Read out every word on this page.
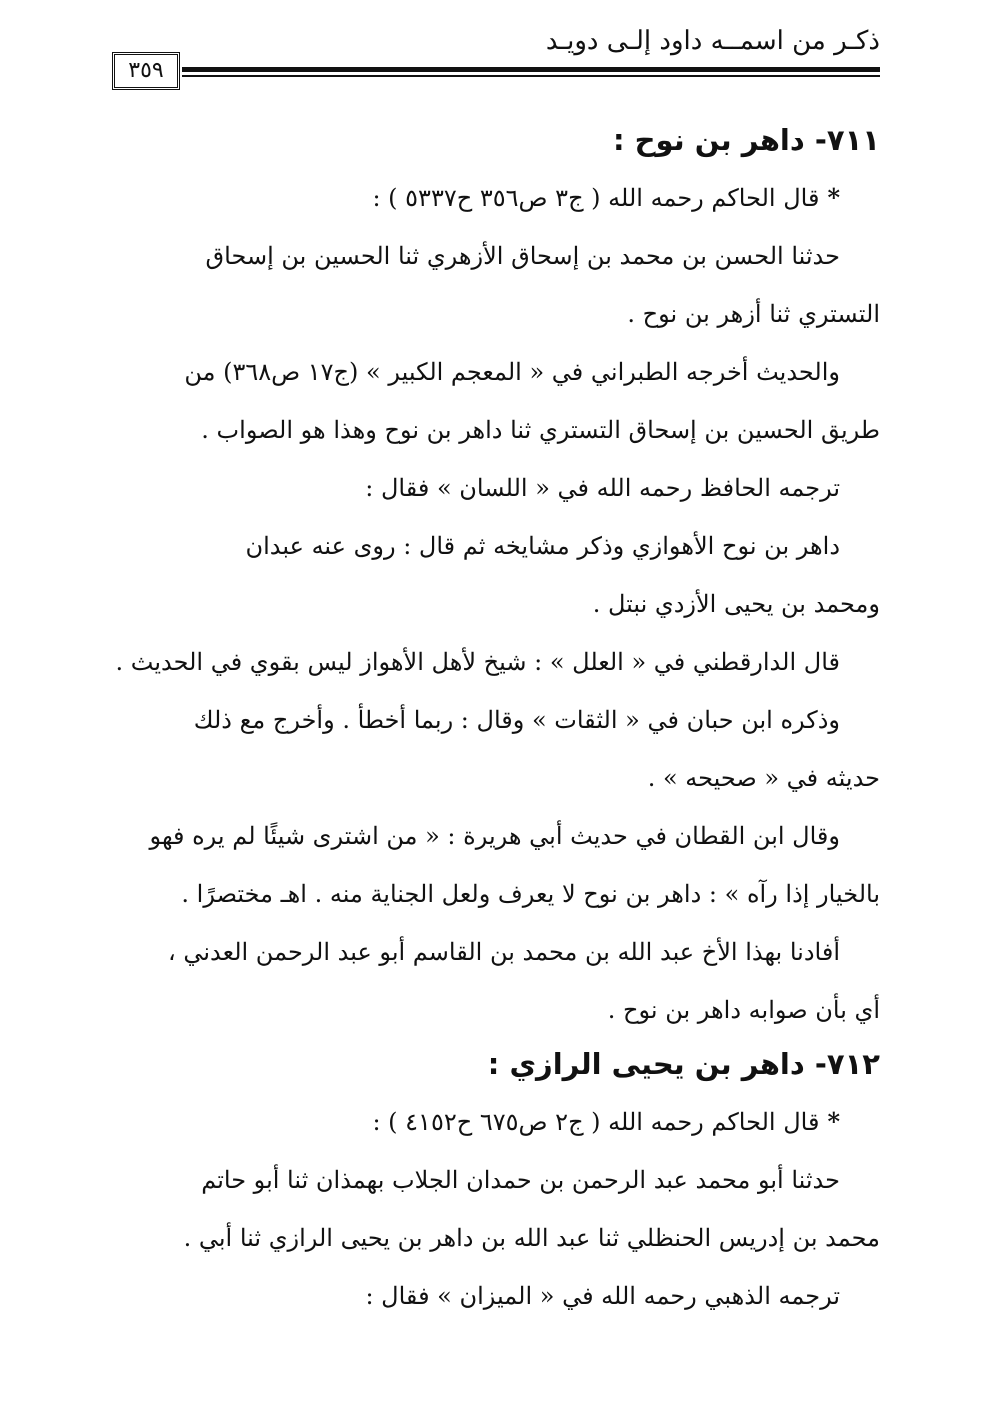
ذكـر من اسمــه داود إلـى دويـد
٣٥٩
٧١١- داهر بن نوح :
*قال الحاكم رحمه الله ( ج٣ ص٣٥٦ ح٥٣٣٧ ) :
حدثنا الحسن بن محمد بن إسحاق الأزهري ثنا الحسين بن إسحاق
التستري ثنا أزهر بن نوح .
والحديث أخرجه الطبراني في « المعجم الكبير » (ج١٧ ص٣٦٨) من
طريق الحسين بن إسحاق التستري ثنا داهر بن نوح وهذا هو الصواب .
ترجمه الحافظ رحمه الله في « اللسان » فقال :
داهر بن نوح الأهوازي وذكر مشايخه ثم قال : روى عنه عبدان
ومحمد بن يحيى الأزدي نبتل .
قال الدارقطني في « العلل » : شيخ لأهل الأهواز ليس بقوي في الحديث .
وذكره ابن حبان في « الثقات » وقال : ربما أخطأ . وأخرج مع ذلك
حديثه في « صحيحه » .
وقال ابن القطان في حديث أبي هريرة : « من اشترى شيئًا لم يره فهو
بالخيار إذا رآه » : داهر بن نوح لا يعرف ولعل الجناية منه . اهـ مختصرًا .
أفادنا بهذا الأخ عبد الله بن محمد بن القاسم أبو عبد الرحمن العدني ،
أي بأن صوابه داهر بن نوح .
٧١٢- داهر بن يحيى الرازي :
*قال الحاكم رحمه الله ( ج٢ ص٦٧٥ ح٤١٥٢ ) :
حدثنا أبو محمد عبد الرحمن بن حمدان الجلاب بهمذان ثنا أبو حاتم
محمد بن إدريس الحنظلي ثنا عبد الله بن داهر بن يحيى الرازي ثنا أبي .
ترجمه الذهبي رحمه الله في « الميزان » فقال :
